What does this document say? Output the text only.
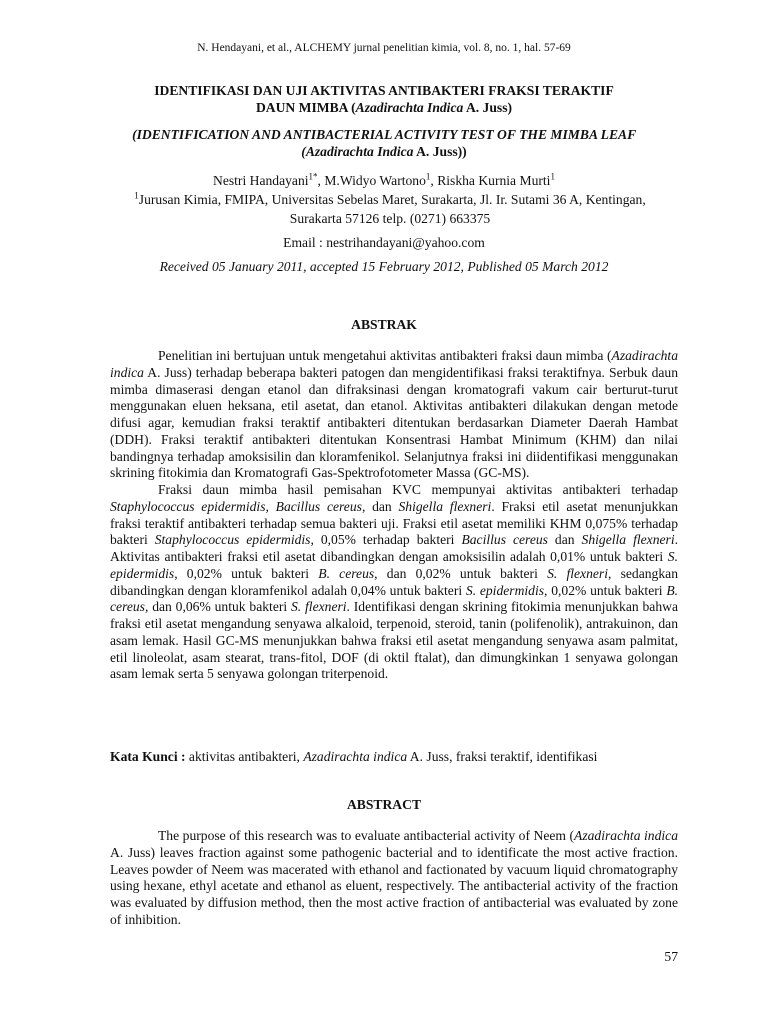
N. Hendayani, et al., ALCHEMY jurnal penelitian kimia, vol. 8, no. 1, hal. 57-69
IDENTIFIKASI DAN UJI AKTIVITAS ANTIBAKTERI FRAKSI TERAKTIF
DAUN MIMBA (Azadirachta Indica A. Juss)
(IDENTIFICATION AND ANTIBACTERIAL ACTIVITY TEST OF THE MIMBA LEAF (Azadirachta Indica A. Juss))
Nestri Handayani$^{1*}$, M.Widyo Wartono$^1$, Riskha Kurnia Murti$^1$
$^1$Jurusan Kimia, FMIPA, Universitas Sebelas Maret, Surakarta, Jl. Ir. Sutami 36 A, Kentingan, Surakarta 57126 telp. (0271) 663375
Email : nestrihandayani@yahoo.com
Received 05 January 2011, accepted 15 February 2012, Published 05 March 2012
ABSTRAK

Penelitian ini bertujuan untuk mengetahui aktivitas antibakteri fraksi daun mimba (Azadirachta indica A. Juss) terhadap beberapa bakteri patogen dan mengidentifikasi fraksi teraktifnya. Serbuk daun mimba dimaserasi dengan etanol dan difraksinasi dengan kromatografi vakum cair berturut-turut menggunakan eluen heksana, etil asetat, dan etanol. Aktivitas antibakteri dilakukan dengan metode difusi agar, kemudian fraksi teraktif antibakteri ditentukan berdasarkan Diameter Daerah Hambat (DDH). Fraksi teraktif antibakteri ditentukan Konsentrasi Hambat Minimum (KHM) dan nilai bandingnya terhadap amoksisilin dan kloramfenikol. Selanjutnya fraksi ini diidentifikasi menggunakan skrining fitokimia dan Kromatografi Gas-Spektrofotometer Massa (GC-MS).

Fraksi daun mimba hasil pemisahan KVC mempunyai aktivitas antibakteri terhadap Staphylococcus epidermidis, Bacillus cereus, dan Shigella flexneri. Fraksi etil asetat menunjukkan fraksi teraktif antibakteri terhadap semua bakteri uji. Fraksi etil asetat memiliki KHM 0,075% terhadap bakteri Staphylococcus epidermidis, 0,05% terhadap bakteri Bacillus cereus dan Shigella flexneri. Aktivitas antibakteri fraksi etil asetat dibandingkan dengan amoksisilin adalah 0,01% untuk bakteri S. epidermidis, 0,02% untuk bakteri B. cereus, dan 0,02% untuk bakteri S. flexneri, sedangkan dibandingkan dengan kloramfenikol adalah 0,04% untuk bakteri S. epidermidis, 0,02% untuk bakteri B. cereus, dan 0,06% untuk bakteri S. flexneri. Identifikasi dengan skrining fitokimia menunjukkan bahwa fraksi etil asetat mengandung senyawa alkaloid, terpenoid, steroid, tanin (polifenolik), antrakuinon, dan asam lemak. Hasil GC-MS menunjukkan bahwa fraksi etil asetat mengandung senyawa asam palmitat, etil linoleolat, asam stearat, trans-fitol, DOF (di oktil ftalat), dan dimungkinkan 1 senyawa golongan asam lemak serta 5 senyawa golongan triterpenoid.

Kata Kunci : aktivitas antibakteri, Azadirachta indica A. Juss, fraksi teraktif, identifikasi
ABSTRACT

The purpose of this research was to evaluate antibacterial activity of Neem (Azadirachta indica A. Juss) leaves fraction against some pathogenic bacterial and to identificate the most active fraction. Leaves powder of Neem was macerated with ethanol and factionated by vacuum liquid chromatography using hexane, ethyl acetate and ethanol as eluent, respectively. The antibacterial activity of the fraction was evaluated by diffusion method, then the most active fraction of antibacterial was evaluated by zone of inhibition.

57
